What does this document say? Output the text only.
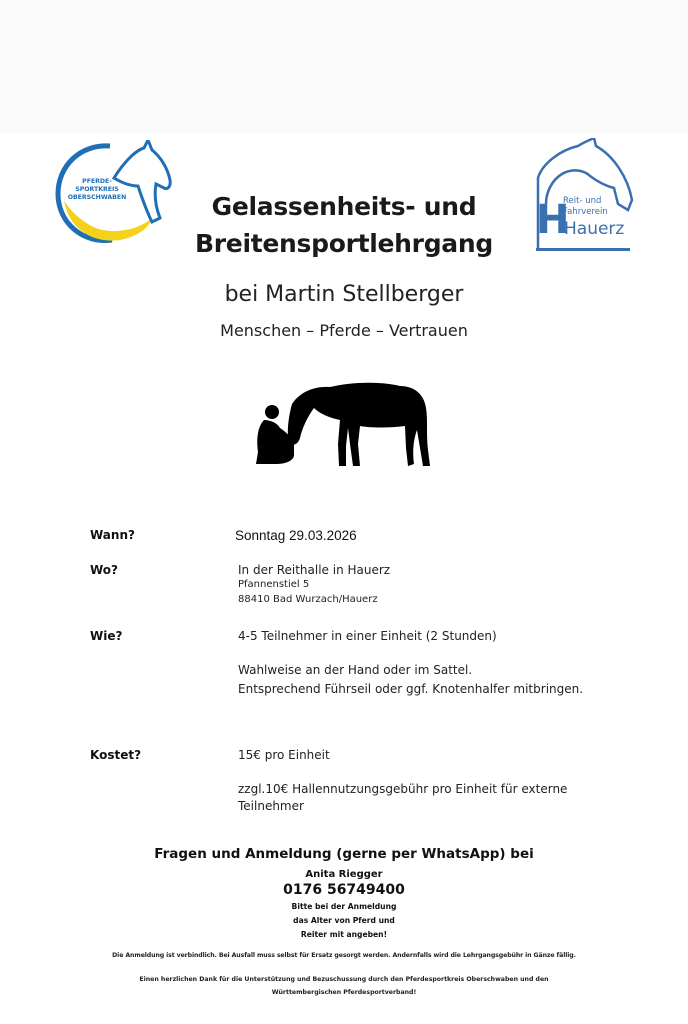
PFERDE-
SPORTKREIS
OBERSCHWABEN	Reit- und
Fahrverein
H
Hauerz
Gelassenheits- und
Breitensportlehrgang
bei Martin Stellberger
Menschen – Pferde – Vertrauen
Wann?	Sonntag 29.03.2026
Wo?	In der Reithalle in Hauerz
Pfannenstiel 5
88410 Bad Wurzach/Hauerz
Wie?	4-5 Teilnehmer in einer Einheit (2 Stunden)
Wahlweise an der Hand oder im Sattel.
Entsprechend Führseil oder ggf. Knotenhalfer mitbringen.
Kostet?	15€ pro Einheit
zzgl.10€ Hallennutzungsgebühr pro Einheit für externe
Teilnehmer
Fragen und Anmeldung (gerne per WhatsApp) bei
Anita Riegger
0176 56749400
Bitte bei der Anmeldung
das Alter von Pferd und
Reiter mit angeben!
Die Anmeldung ist verbindlich. Bei Ausfall muss selbst für Ersatz gesorgt werden. Andernfalls wird die Lehrgangsgebühr in Gänze fällig.
Einen herzlichen Dank für die Unterstützung und Bezuschussung durch den Pferdesportkreis Oberschwaben und den
Württembergischen Pferdesportverband!
